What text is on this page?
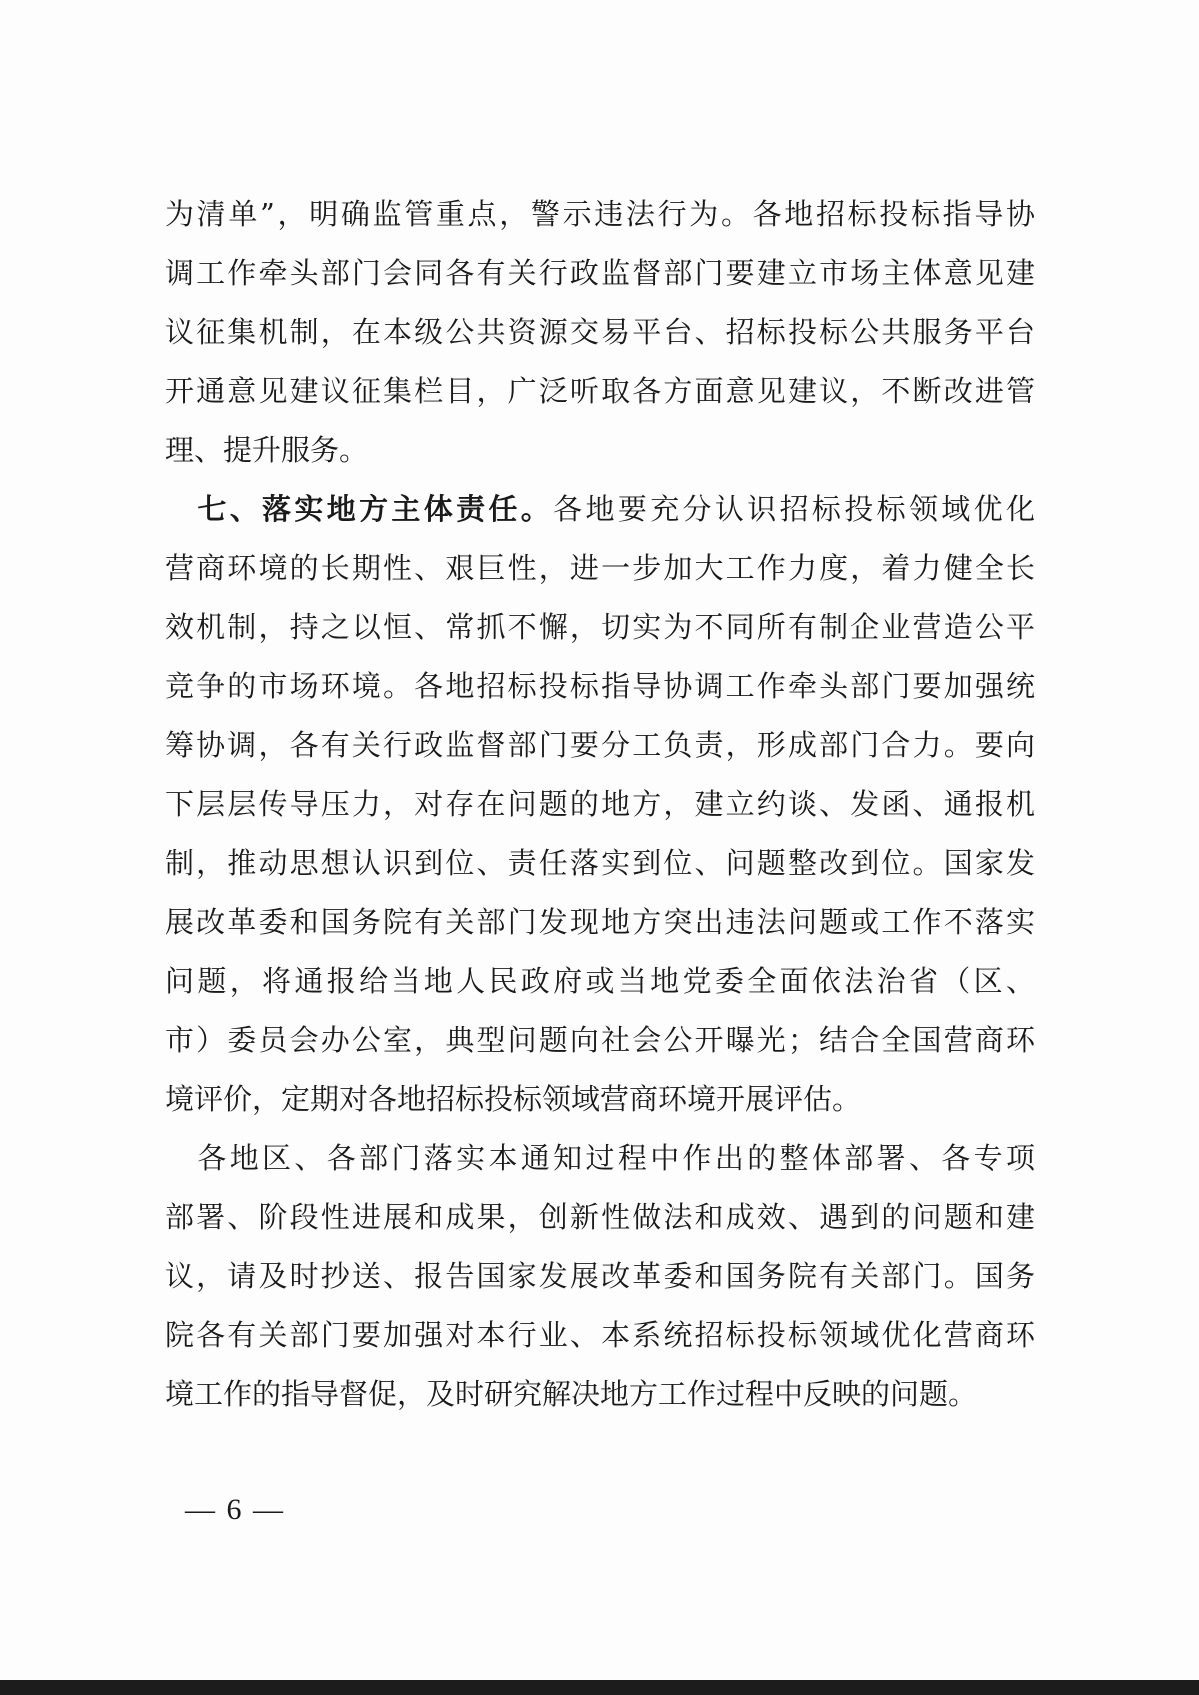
为清单”，明确监管重点，警示违法行为。各地招标投标指导协
调工作牵头部门会同各有关行政监督部门要建立市场主体意见建
议征集机制，在本级公共资源交易平台、招标投标公共服务平台
开通意见建议征集栏目，广泛听取各方面意见建议，不断改进管
理、提升服务。
　七、落实地方主体责任。各地要充分认识招标投标领域优化
营商环境的长期性、艰巨性，进一步加大工作力度，着力健全长
效机制，持之以恒、常抓不懈，切实为不同所有制企业营造公平
竞争的市场环境。各地招标投标指导协调工作牵头部门要加强统
筹协调，各有关行政监督部门要分工负责，形成部门合力。要向
下层层传导压力，对存在问题的地方，建立约谈、发函、通报机
制，推动思想认识到位、责任落实到位、问题整改到位。国家发
展改革委和国务院有关部门发现地方突出违法问题或工作不落实
问题，将通报给当地人民政府或当地党委全面依法治省（区、
市）委员会办公室，典型问题向社会公开曝光；结合全国营商环
境评价，定期对各地招标投标领域营商环境开展评估。
　各地区、各部门落实本通知过程中作出的整体部署、各专项
部署、阶段性进展和成果，创新性做法和成效、遇到的问题和建
议，请及时抄送、报告国家发展改革委和国务院有关部门。国务
院各有关部门要加强对本行业、本系统招标投标领域优化营商环
境工作的指导督促，及时研究解决地方工作过程中反映的问题。
— 6 —
